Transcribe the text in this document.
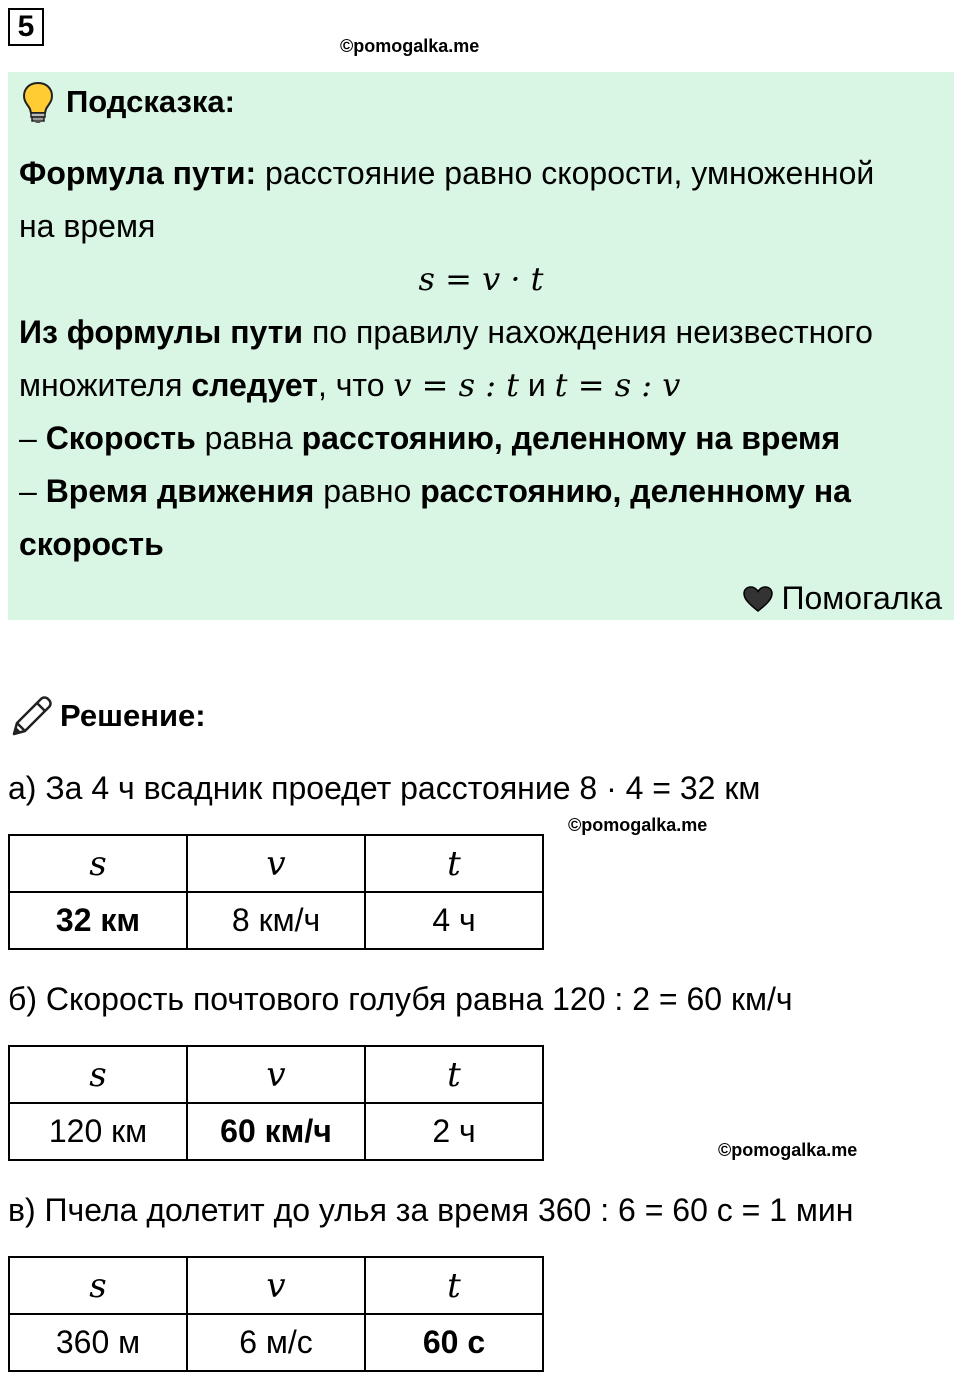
5
©pomogalka.me
Подсказка:
Формула пути: расстояние равно скорости, умноженной
на время
s = v · t
Из формулы пути по правилу нахождения неизвестного
множителя следует, что v = s : t и t = s : v
– Скорость равна расстоянию, деленному на время
– Время движения равно расстоянию, деленному на
скорость
Помогалка
Решение:
а) За 4 ч всадник проедет расстояние 8 · 4 = 32 км
©pomogalka.me
s	v	t
32 км	8 км/ч	4 ч
б) Скорость почтового голубя равна 120 : 2 = 60 км/ч
s	v	t
120 км	60 км/ч	2 ч
©pomogalka.me
в) Пчела долетит до улья за время 360 : 6 = 60 с = 1 мин
s	v	t
360 м	6 м/с	60 с
